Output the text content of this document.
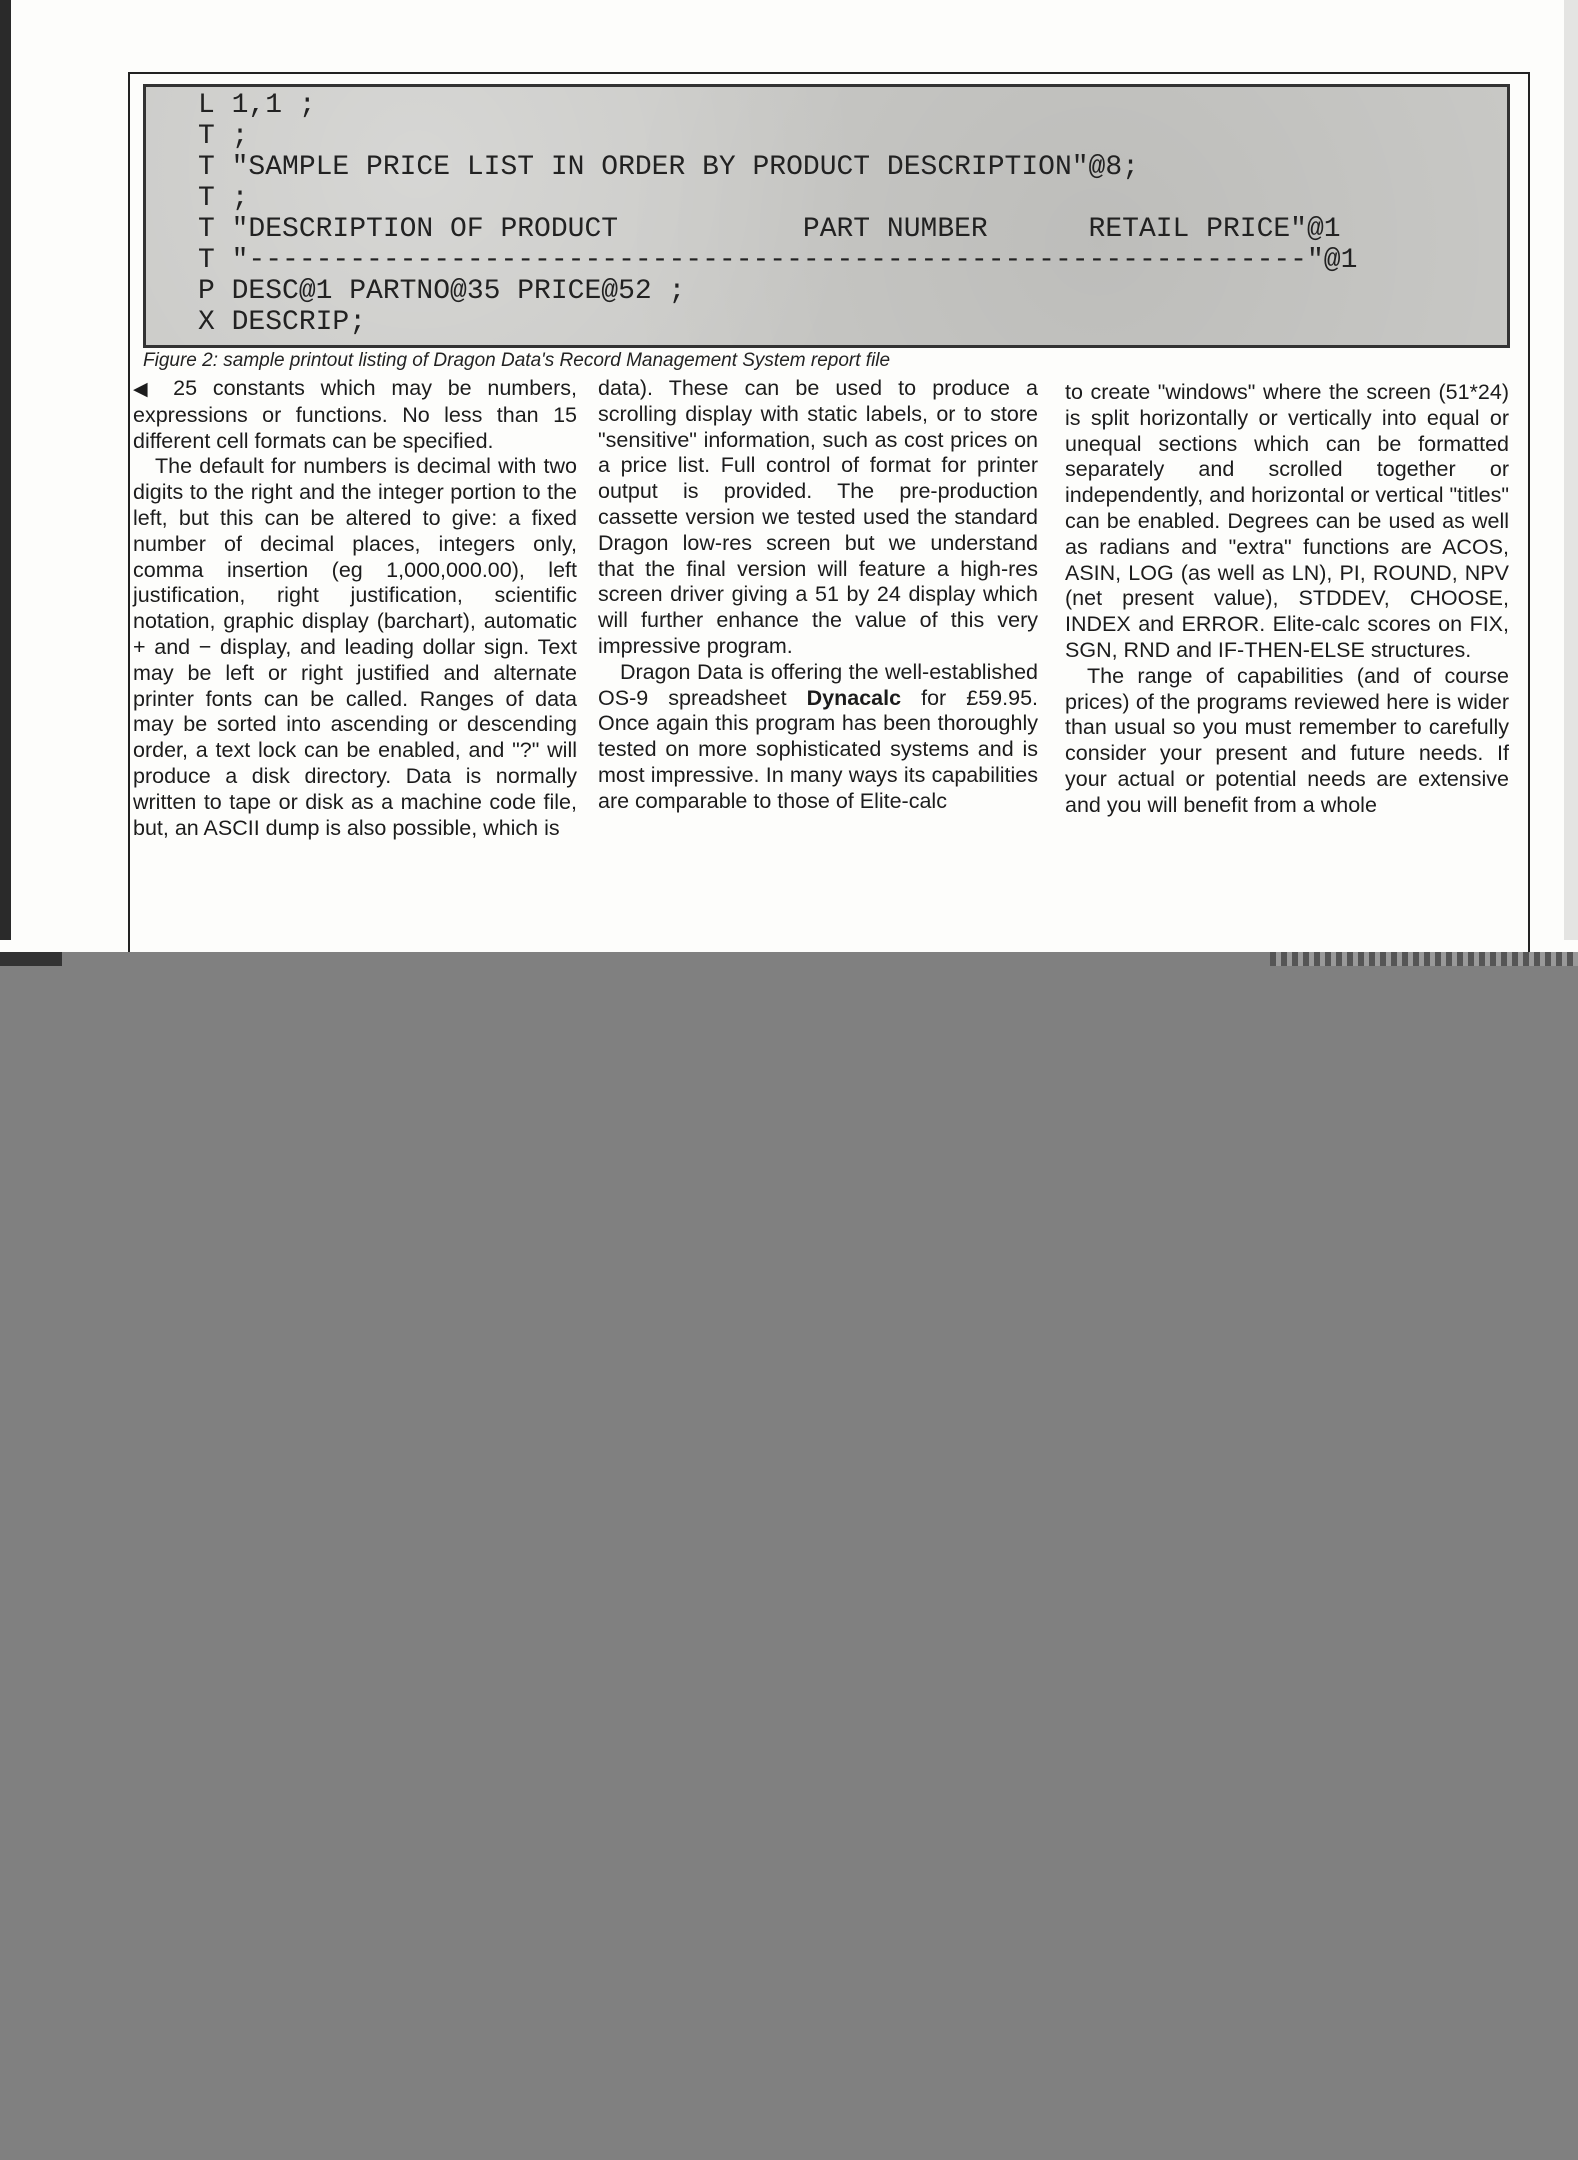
L 1,1 ;
T ;
T "SAMPLE PRICE LIST IN ORDER BY PRODUCT DESCRIPTION"@8;
T ;
T "DESCRIPTION OF PRODUCT           PART NUMBER      RETAIL PRICE"@1
T "---------------------------------------------------------------"@1
P DESC@1 PARTNO@35 PRICE@52 ;
X DESCRIP;
Figure 2: sample printout listing of Dragon Data's Record Management System report file

◀ 25 constants which may be numbers, expressions or functions. No less than 15 different cell formats can be specified.

The default for numbers is decimal with two digits to the right and the integer portion to the left, but this can be altered to give: a fixed number of decimal places, integers only, comma insertion (eg 1,000,000.00), left justification, right justification, scientific notation, graphic display (barchart), automatic + and − display, and leading dollar sign. Text may be left or right justified and alternate printer fonts can be called. Ranges of data may be sorted into ascending or descending order, a text lock can be enabled, and "?" will produce a disk directory. Data is normally written to tape or disk as a machine code file, but, an ASCII dump is also possible, which is

data). These can be used to produce a scrolling display with static labels, or to store "sensitive" information, such as cost prices on a price list. Full control of format for printer output is provided. The pre-production cassette version we tested used the standard Dragon low-res screen but we understand that the final version will feature a high-res screen driver giving a 51 by 24 display which will further enhance the value of this very impressive program.

Dragon Data is offering the well-established OS-9 spreadsheet Dynacalc for £59.95. Once again this program has been thoroughly tested on more sophisticated systems and is most impressive. In many ways its capabilities are comparable to those of Elite-calc

to create "windows" where the screen (51*24) is split horizontally or vertically into equal or unequal sections which can be formatted separately and scrolled together or independently, and horizontal or vertical "titles" can be enabled. Degrees can be used as well as radians and "extra" functions are ACOS, ASIN, LOG (as well as LN), PI, ROUND, NPV (net present value), STDDEV, CHOOSE, INDEX and ERROR. Elite-calc scores on FIX, SGN, RND and IF-THEN-ELSE structures.

The range of capabilities (and of course prices) of the programs reviewed here is wider than usual so you must remember to carefully consider your present and future needs. If your actual or potential needs are extensive and you will benefit from a whole
